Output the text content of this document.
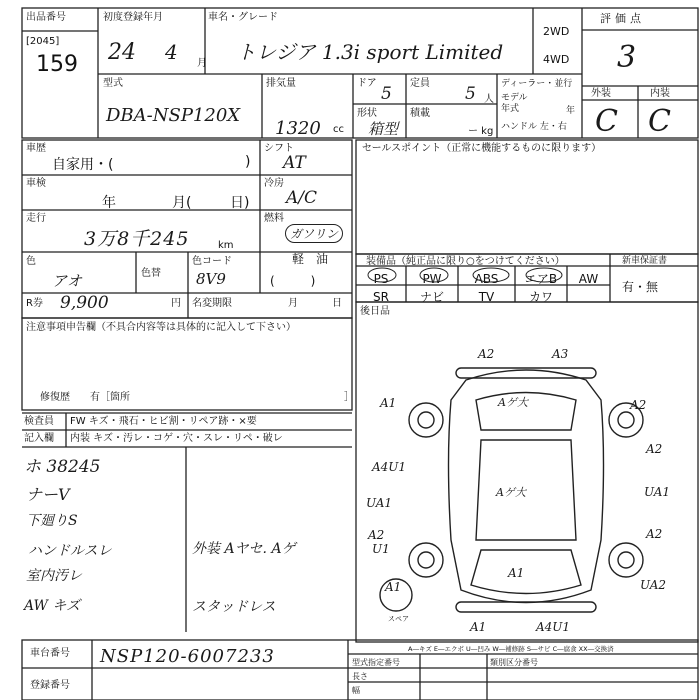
出品番号
[2045]
159
初度登録年月
24 4 月
車名・グレード
トレジア 1.3i sport Limited
2WD
4WD
評価点
3
型式
DBA-NSP120X
排気量
1320 cc
ドア
5
定員
5 人
形状
箱型
積載
ー kg
ディーラー・並行
モデル
年式	年
ハンドル 左・右
外装	内装
C C
車歴
自家用・(	)
シフト
AT
車検
年	月(	日)
冷房
A/C
走行
3万8千245	km
燃料
ガソリン
軽　油
色
アオ	色替
色コード
8V9	(　　　)
R券 9,900	円 名変期限	月	日
注意事項申告欄（不具合内容等は具体的に記入して下さい）
修復歴　　有［箇所	］
検査員
記入欄
FW キズ・飛石・ヒビ割・リペア跡・×要
内装 キズ・汚レ・コゲ・穴・スレ・リペ・破レ
ホ 38245
ナーV
下廻りS
ハンドルスレ
室内汚レ
AW キズ
外装 Aヤセ. Aゲ
スタッドレス
セールスポイント（正常に機能するものに限ります）
装備品（純正品に限り○をつけてください）	新車保証書
有・無
PS	PW	ABS エアB AW
SR	ナビ	TV	カワ
後日品
A2	A3
A1	Aゲ大	A2
A2
A4U1
Aゲ大	UA1
UA1
A2
U1
A2
A1
A1	UA2
A1	A4U1
スペア
A―キズ E―エクボ U―凹み W―補修跡 S―サビ C―腐食 XX―交換済
車台番号 NSP120-6007233
登録番号
型式指定番号	類別区分番号
長さ
幅
